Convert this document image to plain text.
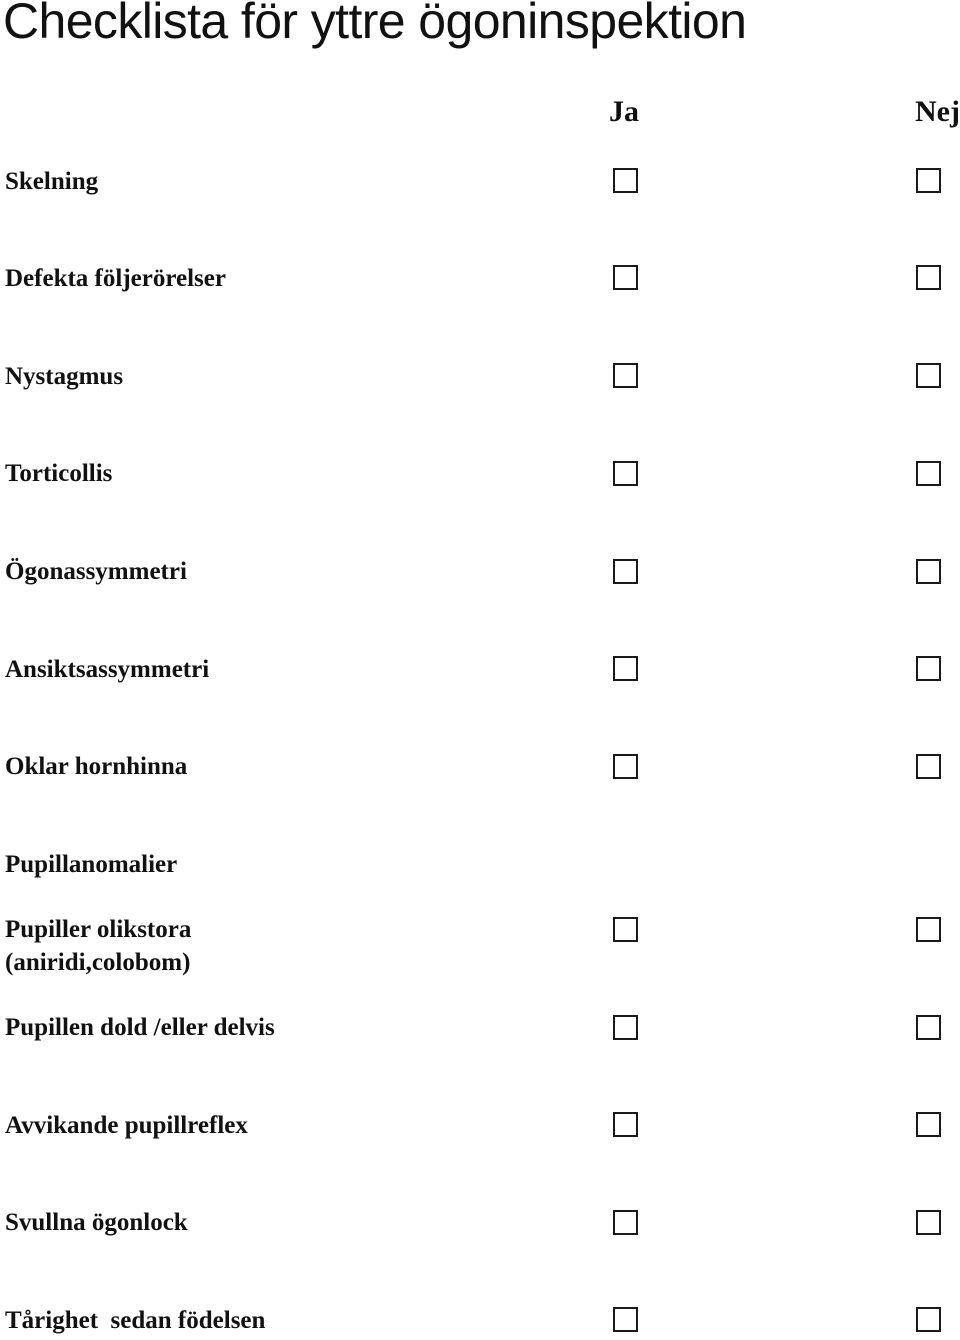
Checklista för yttre ögoninspektion
Ja	Nej
Skelning
Defekta följerörelser
Nystagmus
Torticollis
Ögonassymmetri
Ansiktsassymmetri
Oklar hornhinna
Pupillanomalier
Pupiller olikstora
(aniridi,colobom)
Pupillen dold /eller delvis
Avvikande pupillreflex
Svullna ögonlock
Tårighet  sedan födelsen
